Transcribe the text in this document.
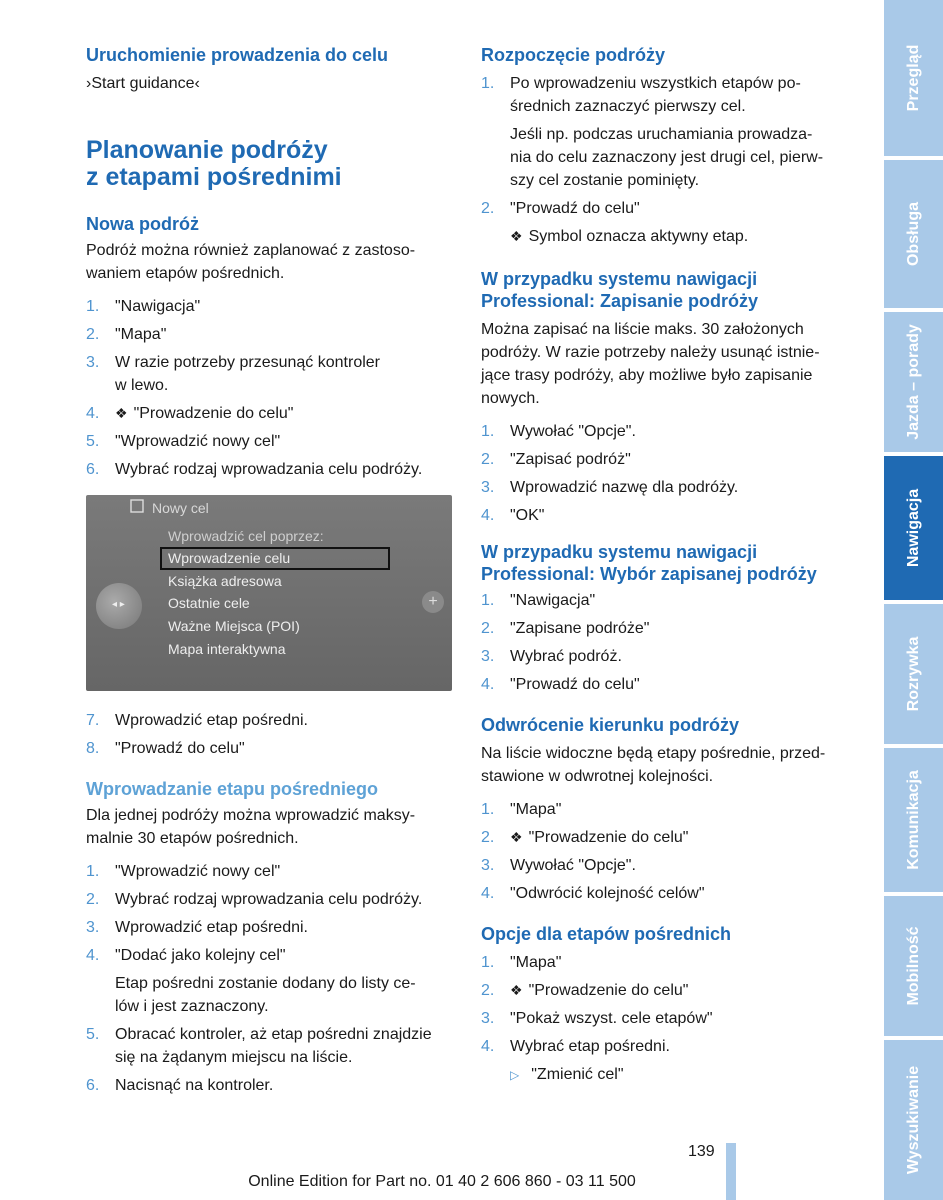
Uruchomienie prowadzenia do celu

›Start guidance‹

Planowanie podróży

z etapami pośrednimi

Nowa podróż

Podróż można również zaplanować z zastoso-

waniem etapów pośrednich.

1. "Nawigacja"
2. "Mapa"
3. W razie potrzeby przesunąć kontroler
w lewo.
4. ❖ "Prowadzenie do celu"
5. "Wprowadzić nowy cel"
6. Wybrać rodzaj wprowadzania celu podróży.
Nowy cel
Wprowadzić cel poprzez:
Wprowadzenie celu
Książka adresowa
Ostatnie cele
Ważne Miejsca (POI)
Mapa interaktywna
◂ ▸	+
7. Wprowadzić etap pośredni.
8. "Prowadź do celu"

Wprowadzanie etapu pośredniego

Dla jednej podróży można wprowadzić maksy-

malnie 30 etapów pośrednich.

1. "Wprowadzić nowy cel"
2. Wybrać rodzaj wprowadzania celu podróży.
3. Wprowadzić etap pośredni.
4. "Dodać jako kolejny cel"

Etap pośredni zostanie dodany do listy ce-
lów i jest zaznaczony.

5. Obracać kontroler, aż etap pośredni znajdzie
się na żądanym miejscu na liście.
6. Nacisnąć na kontroler.

Rozpoczęcie podróży

1. Po wprowadzeniu wszystkich etapów po-
średnich zaznaczyć pierwszy cel.

Jeśli np. podczas uruchamiania prowadza-
nia do celu zaznaczony jest drugi cel, pierw-
szy cel zostanie pominięty.

2. "Prowadź do celu"

❖ Symbol oznacza aktywny etap.

W przypadku systemu nawigacji

Professional: Zapisanie podróży

Można zapisać na liście maks. 30 założonych
podróży. W razie potrzeby należy usunąć istnie-
jące trasy podróży, aby możliwe było zapisanie
nowych.

1. Wywołać "Opcje".
2. "Zapisać podróż"
3. Wprowadzić nazwę dla podróży.
4. "OK"

W przypadku systemu nawigacji

Professional: Wybór zapisanej podróży

1. "Nawigacja"
2. "Zapisane podróże"
3. Wybrać podróż.
4. "Prowadź do celu"

Odwrócenie kierunku podróży

Na liście widoczne będą etapy pośrednie, przed-
stawione w odwrotnej kolejności.

1. "Mapa"
2. ❖ "Prowadzenie do celu"
3. Wywołać "Opcje".
4. "Odwrócić kolejność celów"

Opcje dla etapów pośrednich

1. "Mapa"
2. ❖ "Prowadzenie do celu"
3. "Pokaż wszyst. cele etapów"
4. Wybrać etap pośredni.

▷ "Zmienić cel"

Przegląd
Obsługa
Jazda – porady
Nawigacja
Rozrywka
Komunikacja
Mobilność
Wyszukiwanie
139
Online Edition for Part no. 01 40 2 606 860 - 03 11 500
